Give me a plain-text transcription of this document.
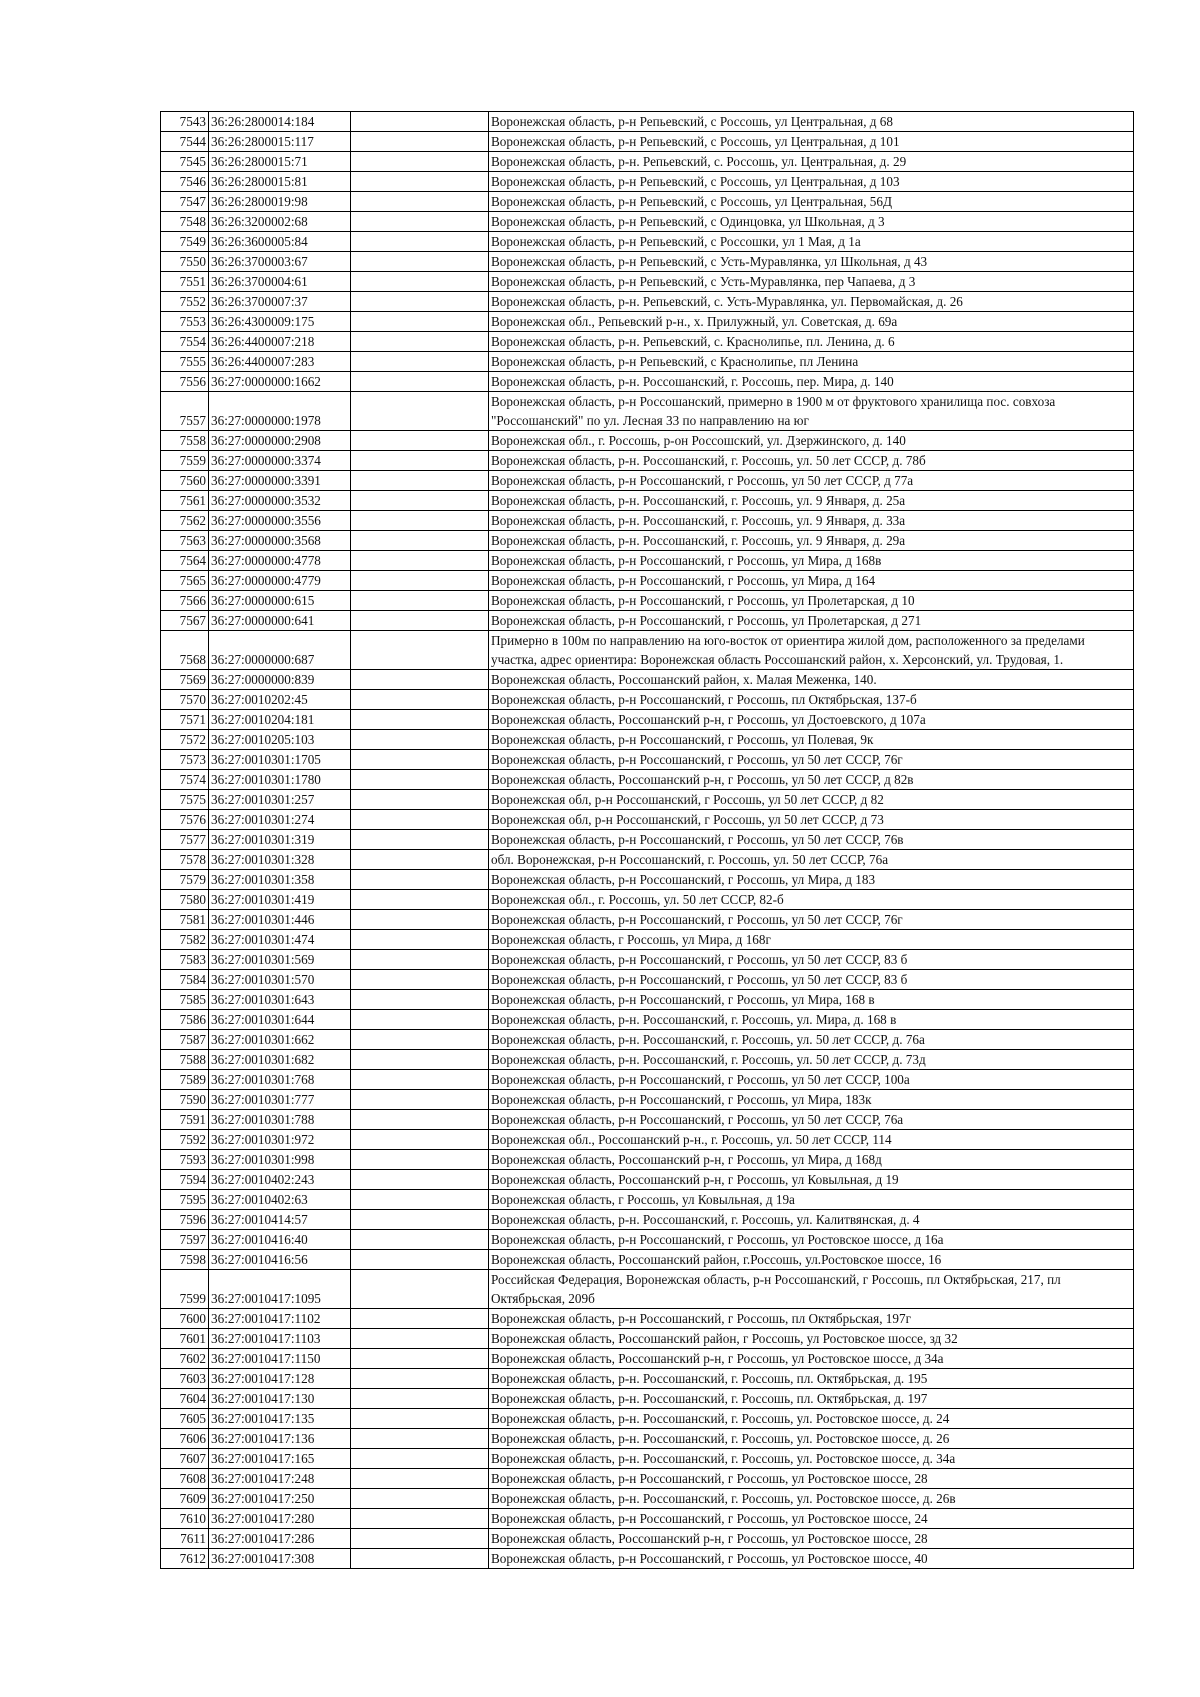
7543	36:26:2800014:184		Воронежская область, р-н Репьевский, с Россошь, ул Центральная, д 68
7544	36:26:2800015:117		Воронежская область, р-н Репьевский, с Россошь, ул Центральная, д 101
7545	36:26:2800015:71		Воронежская область, р-н. Репьевский, с. Россошь, ул. Центральная, д. 29
7546	36:26:2800015:81		Воронежская область, р-н Репьевский, с Россошь, ул Центральная, д 103
7547	36:26:2800019:98		Воронежская область, р-н Репьевский, с Россошь, ул Центральная, 56Д
7548	36:26:3200002:68		Воронежская область, р-н Репьевский, с Одинцовка, ул Школьная, д 3
7549	36:26:3600005:84		Воронежская область, р-н Репьевский, с Россошки, ул 1 Мая, д 1а
7550	36:26:3700003:67		Воронежская область, р-н Репьевский, с Усть-Муравлянка, ул Школьная, д 43
7551	36:26:3700004:61		Воронежская область, р-н Репьевский, с Усть-Муравлянка, пер Чапаева, д 3
7552	36:26:3700007:37		Воронежская область, р-н. Репьевский, с. Усть-Муравлянка, ул. Первомайская, д. 26
7553	36:26:4300009:175		Воронежская обл., Репьевский р-н., х. Прилужный, ул. Советская, д. 69а
7554	36:26:4400007:218		Воронежская область, р-н. Репьевский, с. Краснолипье, пл. Ленина, д. 6
7555	36:26:4400007:283		Воронежская область, р-н Репьевский, с Краснолипье, пл Ленина
7556	36:27:0000000:1662		Воронежская область, р-н. Россошанский, г. Россошь, пер. Мира, д. 140
7557	36:27:0000000:1978		Воронежская область, р-н Россошанский, примерно в 1900 м от фруктового хранилища пос. совхоза "Россошанский" по ул. Лесная 33 по направлению на юг
7558	36:27:0000000:2908		Воронежская обл., г. Россошь, р-он Россошский, ул. Дзержинского, д. 140
7559	36:27:0000000:3374		Воронежская область, р-н. Россошанский, г. Россошь, ул. 50 лет СССР, д. 78б
7560	36:27:0000000:3391		Воронежская область, р-н Россошанский, г Россошь, ул 50 лет СССР, д 77а
7561	36:27:0000000:3532		Воронежская область, р-н. Россошанский, г. Россошь, ул. 9 Января, д. 25а
7562	36:27:0000000:3556		Воронежская область, р-н. Россошанский, г. Россошь, ул. 9 Января, д. 33а
7563	36:27:0000000:3568		Воронежская область, р-н. Россошанский, г. Россошь, ул. 9 Января, д. 29а
7564	36:27:0000000:4778		Воронежская область, р-н Россошанский, г Россошь, ул Мира, д 168в
7565	36:27:0000000:4779		Воронежская область, р-н Россошанский, г Россошь, ул Мира, д 164
7566	36:27:0000000:615		Воронежская область, р-н Россошанский, г Россошь, ул Пролетарская, д 10
7567	36:27:0000000:641		Воронежская область, р-н Россошанский, г Россошь, ул Пролетарская, д 271
7568	36:27:0000000:687		Примерно в 100м по направлению на юго-восток от ориентира жилой дом, расположенного за пределами участка, адрес ориентира: Воронежская область Россошанский район, х. Херсонский, ул. Трудовая, 1.
7569	36:27:0000000:839		Воронежская область, Россошанский район, х. Малая Меженка, 140.
7570	36:27:0010202:45		Воронежская область, р-н Россошанский, г Россошь, пл Октябрьская, 137-б
7571	36:27:0010204:181		Воронежская область, Россошанский р-н, г Россошь, ул Достоевского, д 107а
7572	36:27:0010205:103		Воронежская область, р-н Россошанский, г Россошь, ул Полевая, 9к
7573	36:27:0010301:1705		Воронежская область, р-н Россошанский, г Россошь, ул 50 лет СССР, 76г
7574	36:27:0010301:1780		Воронежская область, Россошанский р-н, г Россошь, ул 50 лет СССР, д 82в
7575	36:27:0010301:257		Воронежская обл, р-н Россошанский, г Россошь, ул 50 лет СССР, д 82
7576	36:27:0010301:274		Воронежская обл, р-н Россошанский, г Россошь, ул 50 лет СССР, д 73
7577	36:27:0010301:319		Воронежская область, р-н Россошанский, г Россошь, ул 50 лет СССР, 76в
7578	36:27:0010301:328		обл. Воронежская, р-н Россошанский, г. Россошь, ул. 50 лет СССР, 76а
7579	36:27:0010301:358		Воронежская область, р-н Россошанский, г Россошь, ул Мира, д 183
7580	36:27:0010301:419		Воронежская обл., г. Россошь, ул. 50 лет СССР, 82-б
7581	36:27:0010301:446		Воронежская область, р-н Россошанский, г Россошь, ул 50 лет СССР, 76г
7582	36:27:0010301:474		Воронежская область, г Россошь, ул Мира, д 168г
7583	36:27:0010301:569		Воронежская область, р-н Россошанский, г Россошь, ул 50 лет СССР, 83 б
7584	36:27:0010301:570		Воронежская область, р-н Россошанский, г Россошь, ул 50 лет СССР, 83 б
7585	36:27:0010301:643		Воронежская область, р-н Россошанский, г Россошь, ул Мира, 168 в
7586	36:27:0010301:644		Воронежская область, р-н. Россошанский, г. Россошь, ул. Мира, д. 168 в
7587	36:27:0010301:662		Воронежская область, р-н. Россошанский, г. Россошь, ул. 50 лет СССР, д. 76а
7588	36:27:0010301:682		Воронежская область, р-н. Россошанский, г. Россошь, ул. 50 лет СССР, д. 73д
7589	36:27:0010301:768		Воронежская область, р-н Россошанский, г Россошь, ул 50 лет СССР, 100а
7590	36:27:0010301:777		Воронежская область, р-н Россошанский, г Россошь, ул Мира, 183к
7591	36:27:0010301:788		Воронежская область, р-н Россошанский, г Россошь, ул 50 лет СССР, 76а
7592	36:27:0010301:972		Воронежская обл., Россошанский р-н., г. Россошь, ул. 50 лет СССР, 114
7593	36:27:0010301:998		Воронежская область, Россошанский р-н, г Россошь, ул Мира, д 168д
7594	36:27:0010402:243		Воронежская область, Россошанский р-н, г Россошь, ул Ковыльная, д 19
7595	36:27:0010402:63		Воронежская область, г Россошь, ул Ковыльная, д 19а
7596	36:27:0010414:57		Воронежская область, р-н. Россошанский, г. Россошь, ул. Калитвянская, д. 4
7597	36:27:0010416:40		Воронежская область, р-н Россошанский, г Россошь, ул Ростовское шоссе, д 16а
7598	36:27:0010416:56		Воронежская область, Россошанский район, г.Россошь, ул.Ростовское шоссе, 16
7599	36:27:0010417:1095		Российская Федерация, Воронежская область, р-н Россошанский, г Россошь, пл Октябрьская, 217, пл Октябрьская, 209б
7600	36:27:0010417:1102		Воронежская область, р-н Россошанский, г Россошь, пл Октябрьская, 197г
7601	36:27:0010417:1103		Воронежская область, Россошанский район, г Россошь, ул Ростовское шоссе, зд 32
7602	36:27:0010417:1150		Воронежская область, Россошанский р-н, г Россошь, ул Ростовское шоссе, д 34а
7603	36:27:0010417:128		Воронежская область, р-н. Россошанский, г. Россошь, пл. Октябрьская, д. 195
7604	36:27:0010417:130		Воронежская область, р-н. Россошанский, г. Россошь, пл. Октябрьская, д. 197
7605	36:27:0010417:135		Воронежская область, р-н. Россошанский, г. Россошь, ул. Ростовское шоссе, д. 24
7606	36:27:0010417:136		Воронежская область, р-н. Россошанский, г. Россошь, ул. Ростовское шоссе, д. 26
7607	36:27:0010417:165		Воронежская область, р-н. Россошанский, г. Россошь, ул. Ростовское шоссе, д. 34а
7608	36:27:0010417:248		Воронежская область, р-н Россошанский, г Россошь, ул Ростовское шоссе, 28
7609	36:27:0010417:250		Воронежская область, р-н. Россошанский, г. Россошь, ул. Ростовское шоссе, д. 26в
7610	36:27:0010417:280		Воронежская область, р-н Россошанский, г Россошь, ул Ростовское шоссе, 24
7611	36:27:0010417:286		Воронежская область, Россошанский р-н, г Россошь, ул Ростовское шоссе, 28
7612	36:27:0010417:308		Воронежская область, р-н Россошанский, г Россошь, ул Ростовское шоссе, 40
